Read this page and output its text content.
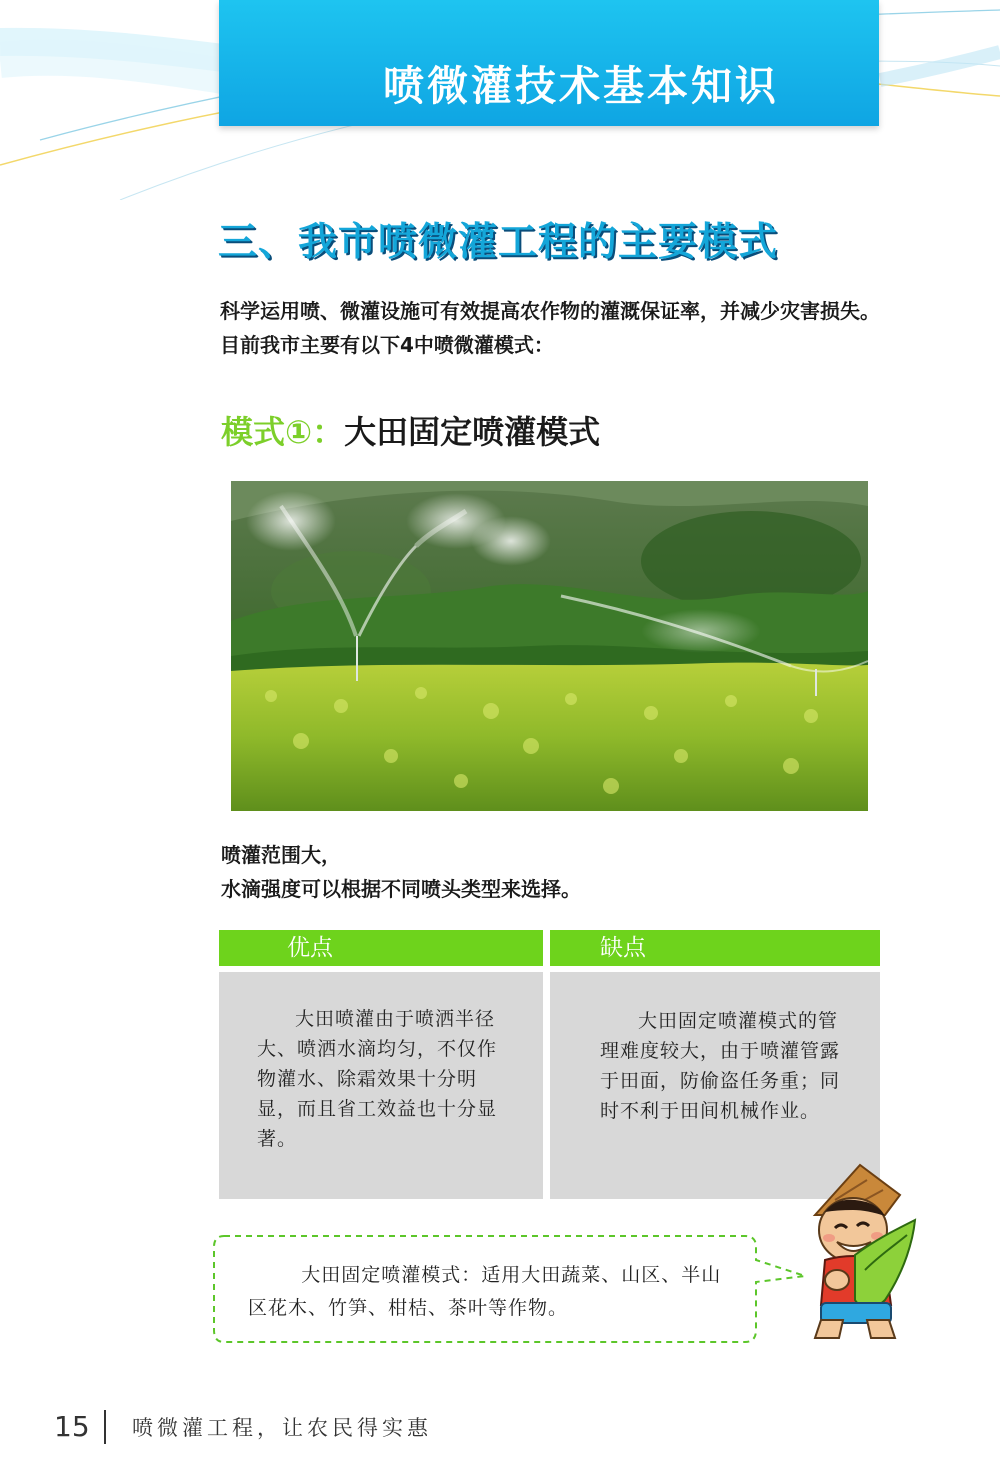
喷微灌技术基本知识
三、我市喷微灌工程的主要模式

科学运用喷、微灌设施可有效提高农作物的灌溉保证率，并减少灾害损失。目前我市主要有以下4中喷微灌模式：

模式①：大田固定喷灌模式

喷灌范围大，
水滴强度可以根据不同喷头类型来选择。

优点	缺点

大田喷灌由于喷洒半径大、喷洒水滴均匀，不仅作物灌水、除霜效果十分明显，而且省工效益也十分显著。

大田固定喷灌模式的管理难度较大，由于喷灌管露于田面，防偷盗任务重；同时不利于田间机械作业。

大田固定喷灌模式：适用大田蔬菜、山区、半山区花木、竹笋、柑桔、茶叶等作物。

15 喷微灌工程，让农民得实惠
